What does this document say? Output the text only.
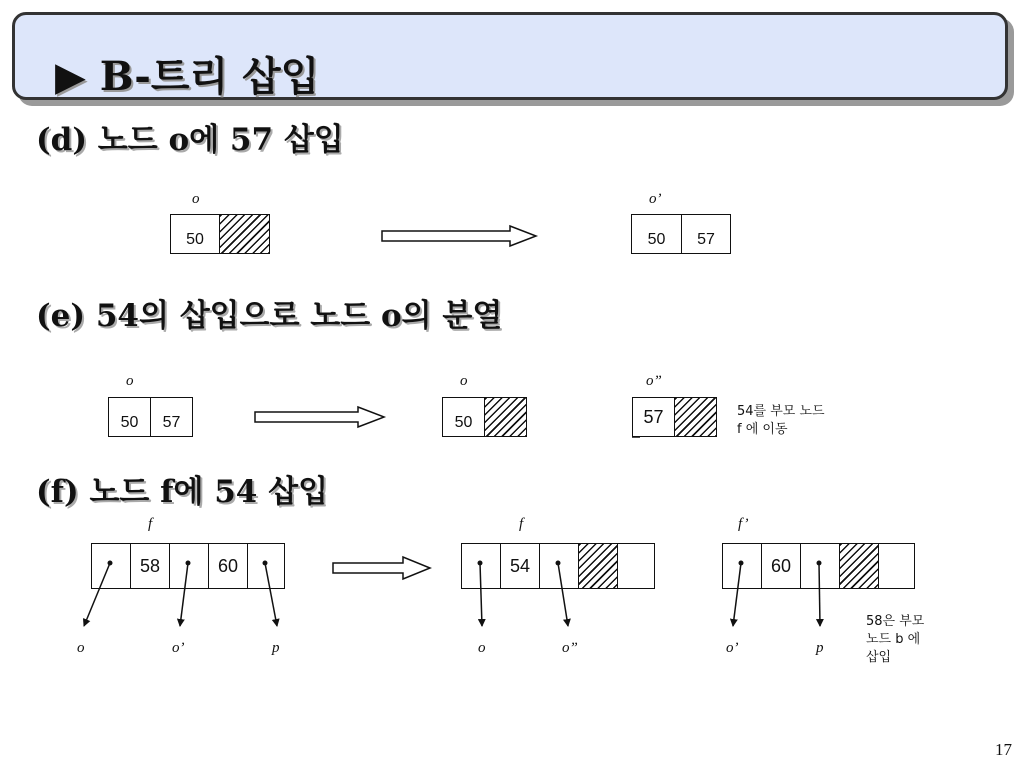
▶ B-트리 삽입
(d) 노드 o에 57 삽입
o
50
o’
50	57
(e) 54의 삽입으로 노드 o의 분열
o
50	57
o
50
o”
57	54를 부모 노드
f 에 이동
(f) 노드 f에 54 삽입
f
58	60
o	o’	p
f
54
o	o”
f’
60
o’	p
58은 부모
노드 b 에
삽입
17
